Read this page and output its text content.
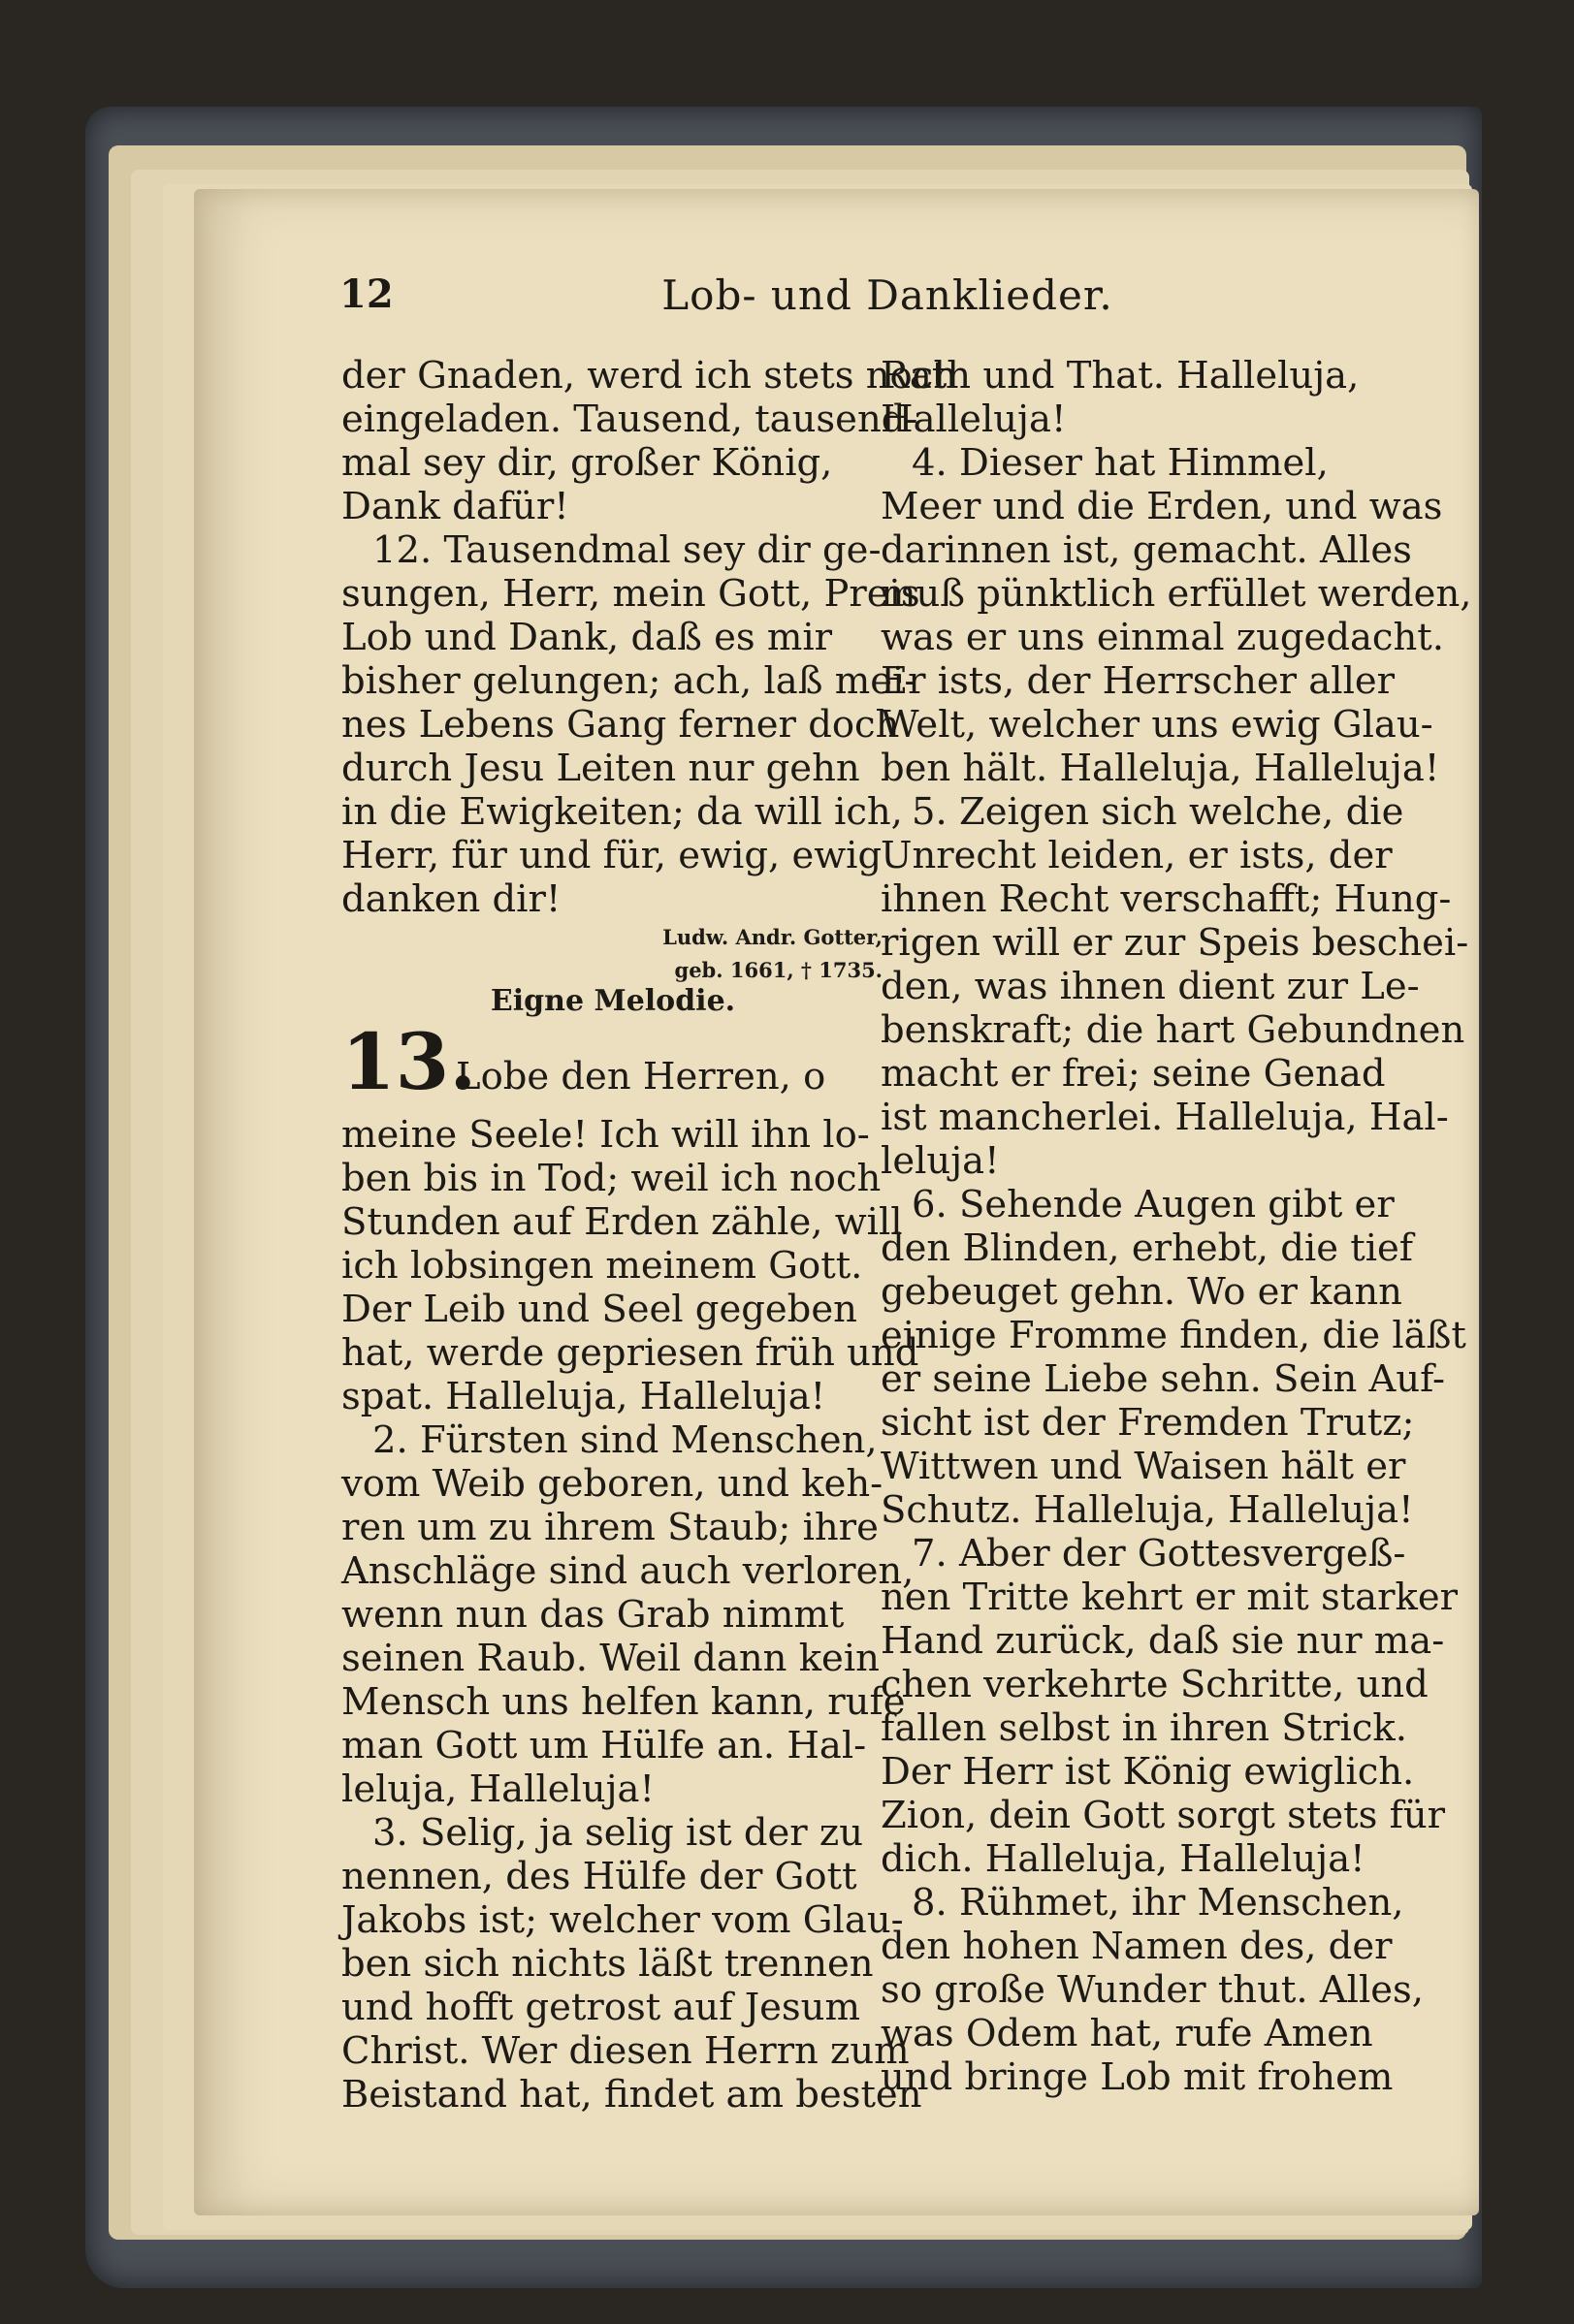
Lob- und Danklieder.
12
der Gnaden, werd ich stets noch
eingeladen. Tausend, tausend-
mal sey dir, großer König,
Dank dafür!
12. Tausendmal sey dir ge-
sungen, Herr, mein Gott, Preis
Lob und Dank, daß es mir
bisher gelungen; ach, laß mei-
nes Lebens Gang ferner doch
durch Jesu Leiten nur gehn
in die Ewigkeiten; da will ich,
Herr, für und für, ewig, ewig
danken dir!
Ludw. Andr. Gotter,
geb. 1661, † 1735.
Eigne Melodie.
13.
Lobe den Herren, o
meine Seele! Ich will ihn lo-
ben bis in Tod; weil ich noch
Stunden auf Erden zähle, will
ich lobsingen meinem Gott.
Der Leib und Seel gegeben
hat, werde gepriesen früh und
spat. Halleluja, Halleluja!
2. Fürsten sind Menschen,
vom Weib geboren, und keh-
ren um zu ihrem Staub; ihre
Anschläge sind auch verloren,
wenn nun das Grab nimmt
seinen Raub. Weil dann kein
Mensch uns helfen kann, rufe
man Gott um Hülfe an. Hal-
leluja, Halleluja!
3. Selig, ja selig ist der zu
nennen, des Hülfe der Gott
Jakobs ist; welcher vom Glau-
ben sich nichts läßt trennen
und hofft getrost auf Jesum
Christ. Wer diesen Herrn zum
Beistand hat, findet am besten
Rath und That. Halleluja,
Halleluja!
4. Dieser hat Himmel,
Meer und die Erden, und was
darinnen ist, gemacht. Alles
muß pünktlich erfüllet werden,
was er uns einmal zugedacht.
Er ists, der Herrscher aller
Welt, welcher uns ewig Glau-
ben hält. Halleluja, Halleluja!
5. Zeigen sich welche, die
Unrecht leiden, er ists, der
ihnen Recht verschafft; Hung-
rigen will er zur Speis beschei-
den, was ihnen dient zur Le-
benskraft; die hart Gebundnen
macht er frei; seine Genad
ist mancherlei. Halleluja, Hal-
leluja!
6. Sehende Augen gibt er
den Blinden, erhebt, die tief
gebeuget gehn. Wo er kann
einige Fromme finden, die läßt
er seine Liebe sehn. Sein Auf-
sicht ist der Fremden Trutz;
Wittwen und Waisen hält er
Schutz. Halleluja, Halleluja!
7. Aber der Gottesvergeß-
nen Tritte kehrt er mit starker
Hand zurück, daß sie nur ma-
chen verkehrte Schritte, und
fallen selbst in ihren Strick.
Der Herr ist König ewiglich.
Zion, dein Gott sorgt stets für
dich. Halleluja, Halleluja!
8. Rühmet, ihr Menschen,
den hohen Namen des, der
so große Wunder thut. Alles,
was Odem hat, rufe Amen
und bringe Lob mit frohem
